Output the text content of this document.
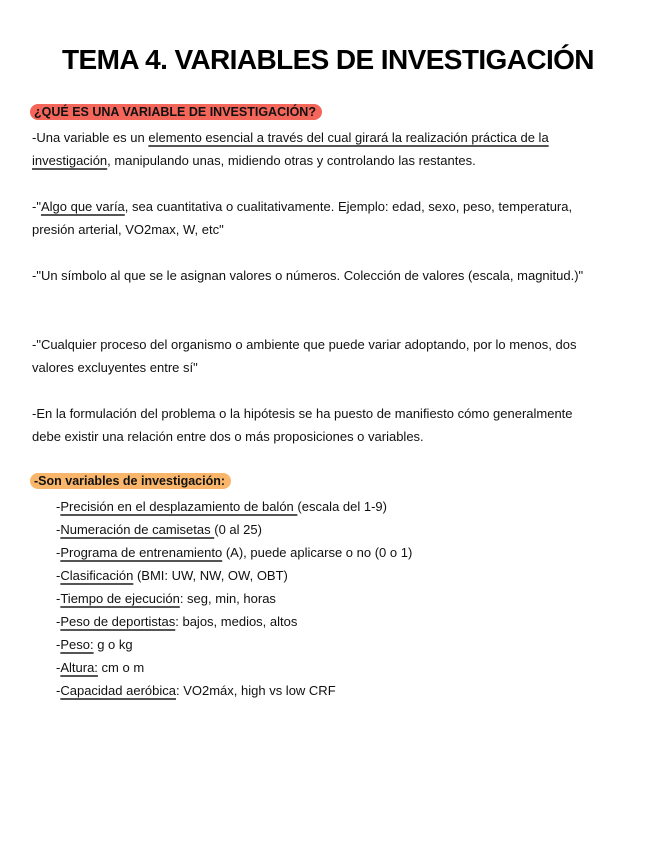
TEMA 4. VARIABLES DE INVESTIGACIÓN
¿QUÉ ES UNA VARIABLE DE INVESTIGACIÓN?
-Una variable es un elemento esencial a través del cual girará la realización práctica de la investigación, manipulando unas, midiendo otras y controlando las restantes.
-"Algo que varía, sea cuantitativa o cualitativamente. Ejemplo: edad, sexo, peso, temperatura, presión arterial, VO2max, W, etc"
-"Un símbolo al que se le asignan valores o números. Colección de valores (escala, magnitud.)"
-"Cualquier proceso del organismo o ambiente que puede variar adoptando, por lo menos, dos valores excluyentes entre sí"
-En la formulación del problema o la hipótesis se ha puesto de manifiesto cómo generalmente debe existir una relación entre dos o más proposiciones o variables.
-Son variables de investigación:
-Precisión en el desplazamiento de balón (escala del 1-9)
-Numeración de camisetas (0 al 25)
-Programa de entrenamiento (A), puede aplicarse o no (0 o 1)
-Clasificación (BMI: UW, NW, OW, OBT)
-Tiempo de ejecución: seg, min, horas
-Peso de deportistas: bajos, medios, altos
-Peso: g o kg
-Altura: cm o m
-Capacidad aeróbica: VO2máx, high vs low CRF
